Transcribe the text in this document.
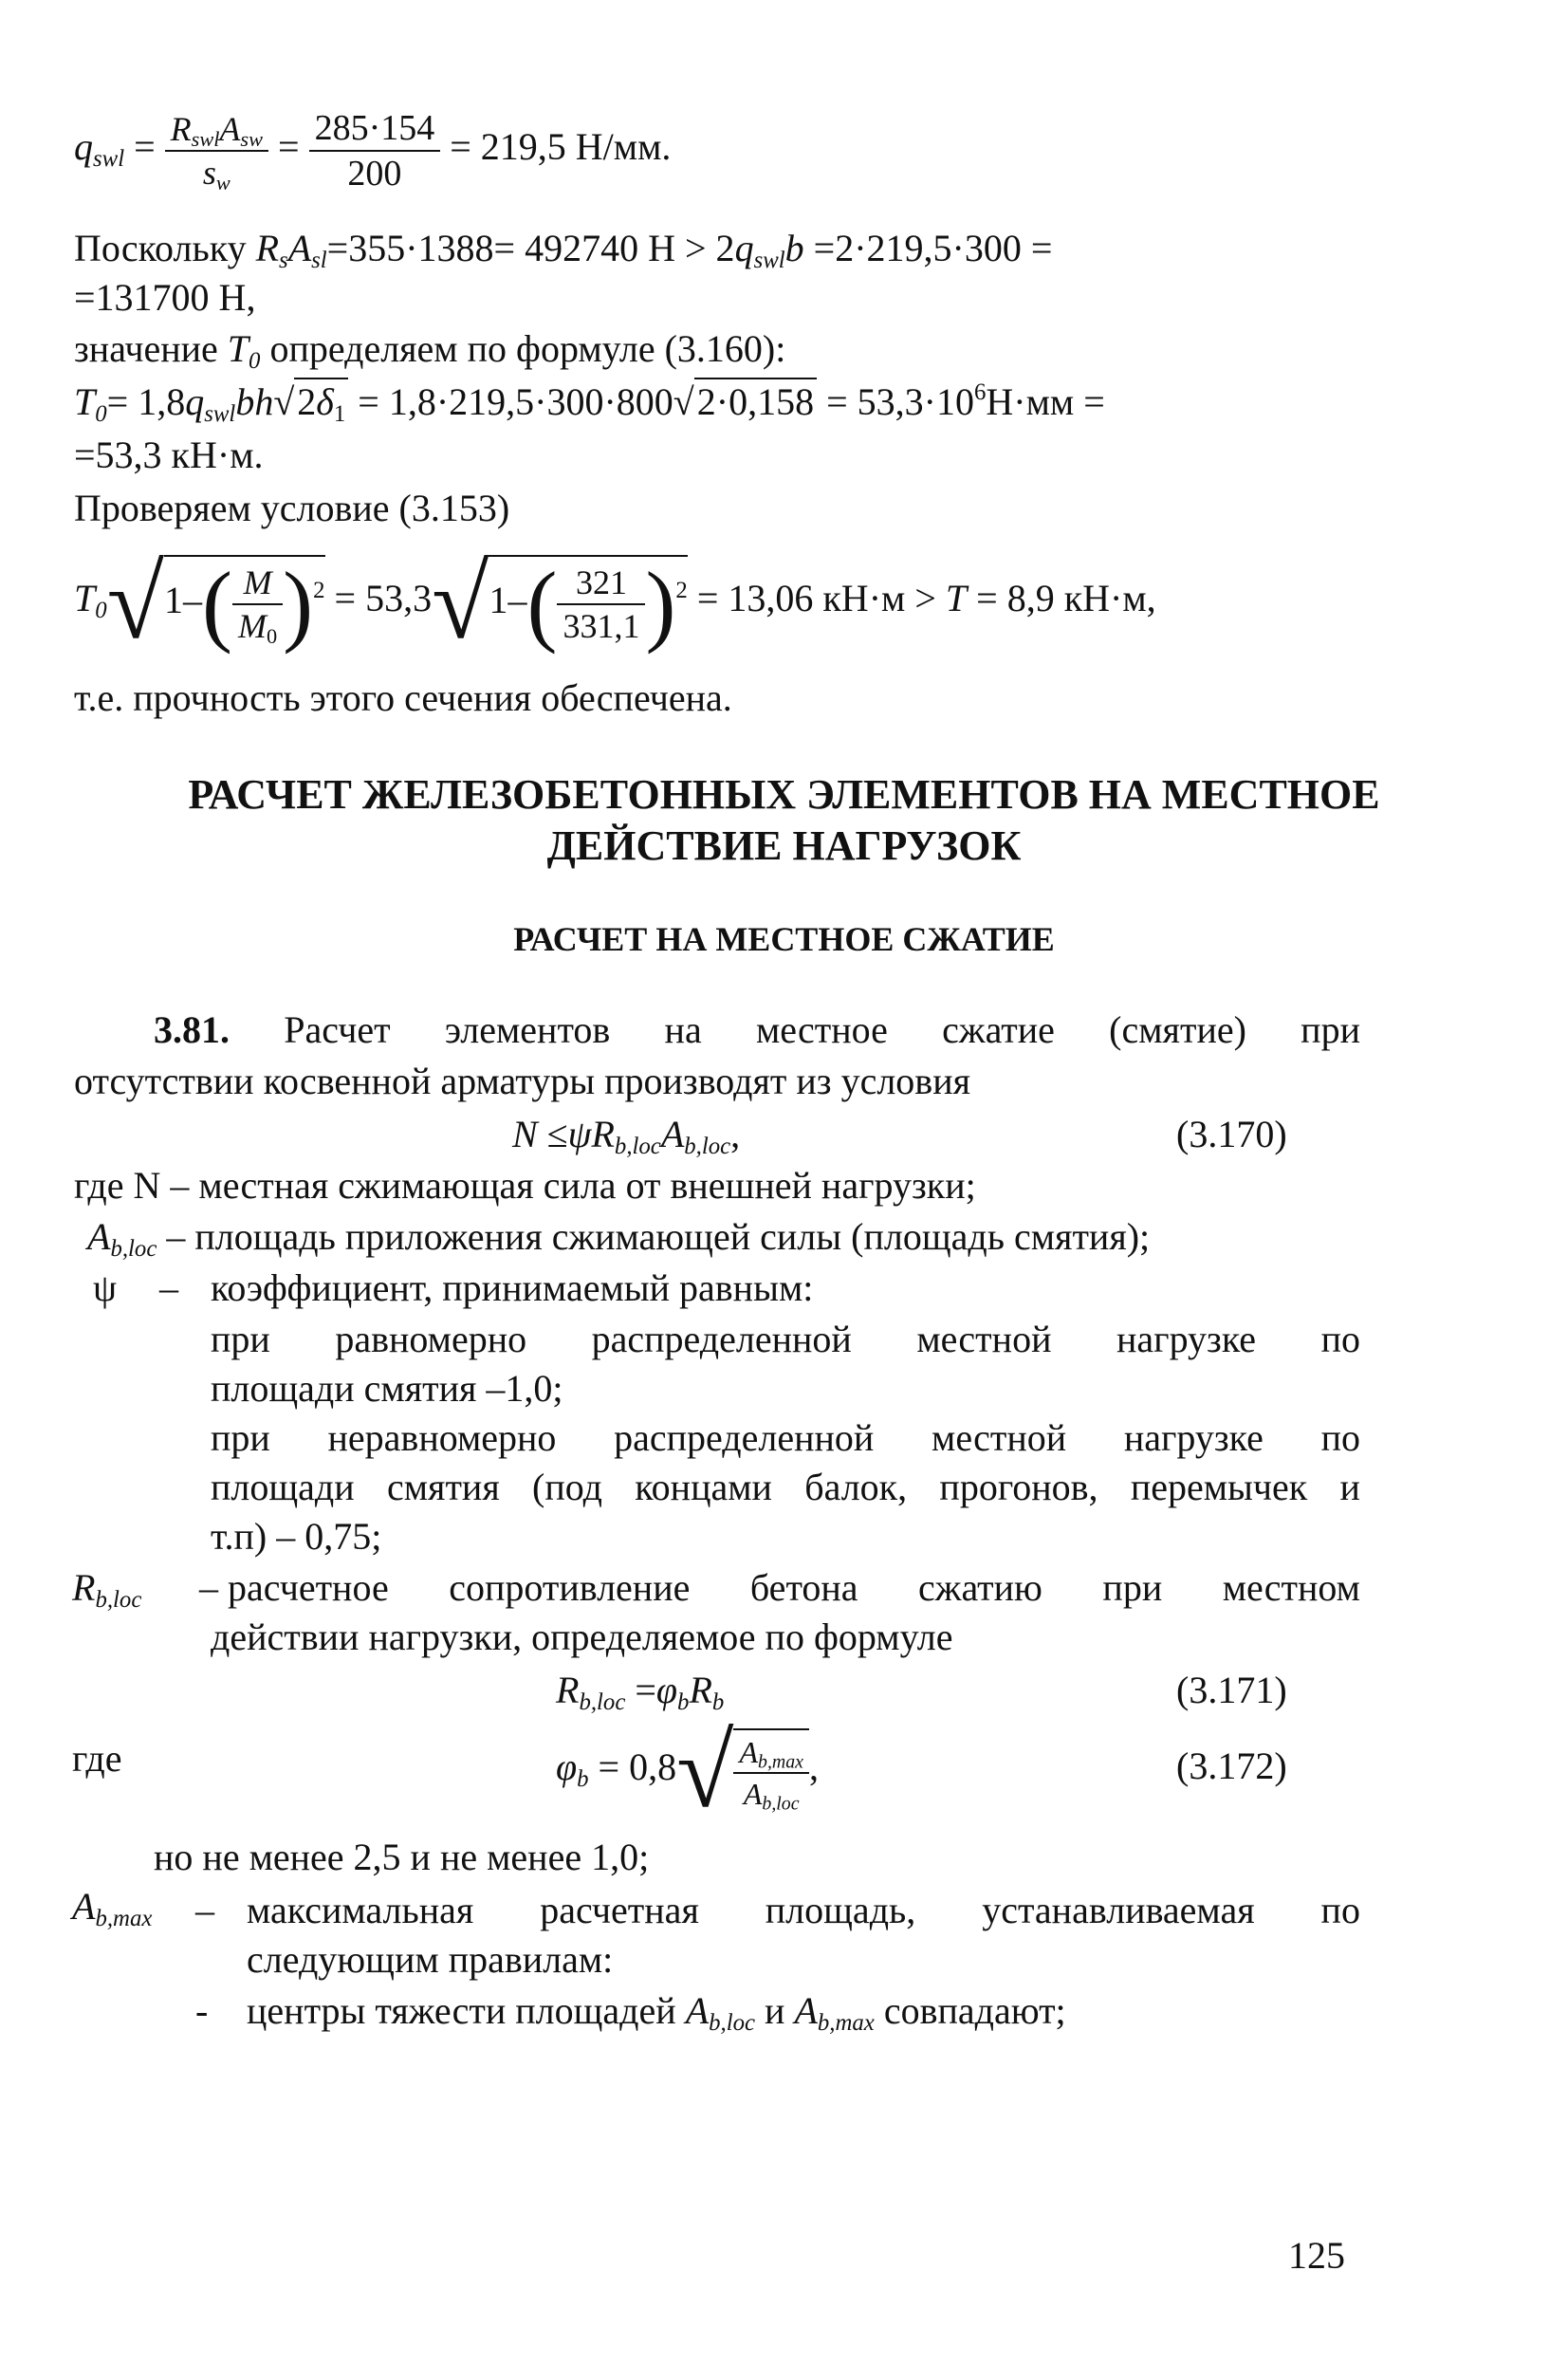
$q_{swl} = \frac{R_{swl}A_{sw}}{s_w} = \frac{285\cdot 154}{200} = 219,5$ Н/мм.
Поскольку $R_sA_{sl}=355\cdot 1388= 492740$ $Н > 2q_{swl}b =2\cdot 219,5\cdot 300$ =
=131700 Н,
значение $T_0$ определяем по формуле (3.160):
$T_0= 1,8q_{swl}bh√2\delta_1 = 1,8\cdot 219,5\cdot 300\cdot 800√2\cdot 0,158 = 53,3\cdot 10^6Н\cdot мм$ =
=53,3 кН·м.
Проверяем условие (3.153)
$T_0√1-( \frac{M}{M_0} )^2 = 53,3√1-( \frac{321}{331,1} )^2 = 13,06$ кН·м > T = 8,9 кН·м,
т.е. прочность этого сечения обеспечена.
РАСЧЕТ ЖЕЛЕЗОБЕТОННЫХ ЭЛЕМЕНТОВ НА МЕСТНОЕ
ДЕЙСТВИЕ НАГРУЗОК
РАСЧЕТ НА МЕСТНОЕ СЖАТИЕ
3.81. Расчет элементов на местное сжатие (смятие) при
отсутствии косвенной арматуры производят из условия
$N \le\psi R_{b,loc}A_{b,loc}$,	(3.170)
где N – местная сжимающая сила от внешней нагрузки;
$A_{b,loc}$ – площадь приложения сжимающей силы (площадь смятия);
ψ – коэффициент, принимаемый равным:
при равномерно распределенной местной нагрузке по
площади смятия –1,0;
при неравномерно распределенной местной нагрузке по
площади смятия (под концами балок, прогонов, перемычек и
т.п) – 0,75;
$R_{b,loc}$ – расчетное сопротивление бетона сжатию при местном
действии нагрузки, определяемое по формуле
$R_{b,loc} =\varphi_bR_b$	(3.171)
где	$\varphi_b = 0,8√ \frac{A_{b,max}}{A_{b,loc}}$ ,	(3.172)
но не менее 2,5 и не менее 1,0;
$A_{b,max}$ – максимальная расчетная площадь, устанавливаемая по
следующим правилам:
- центры тяжести площадей $A_{b,loc}$ и $A_{b,max}$ совпадают;
125
